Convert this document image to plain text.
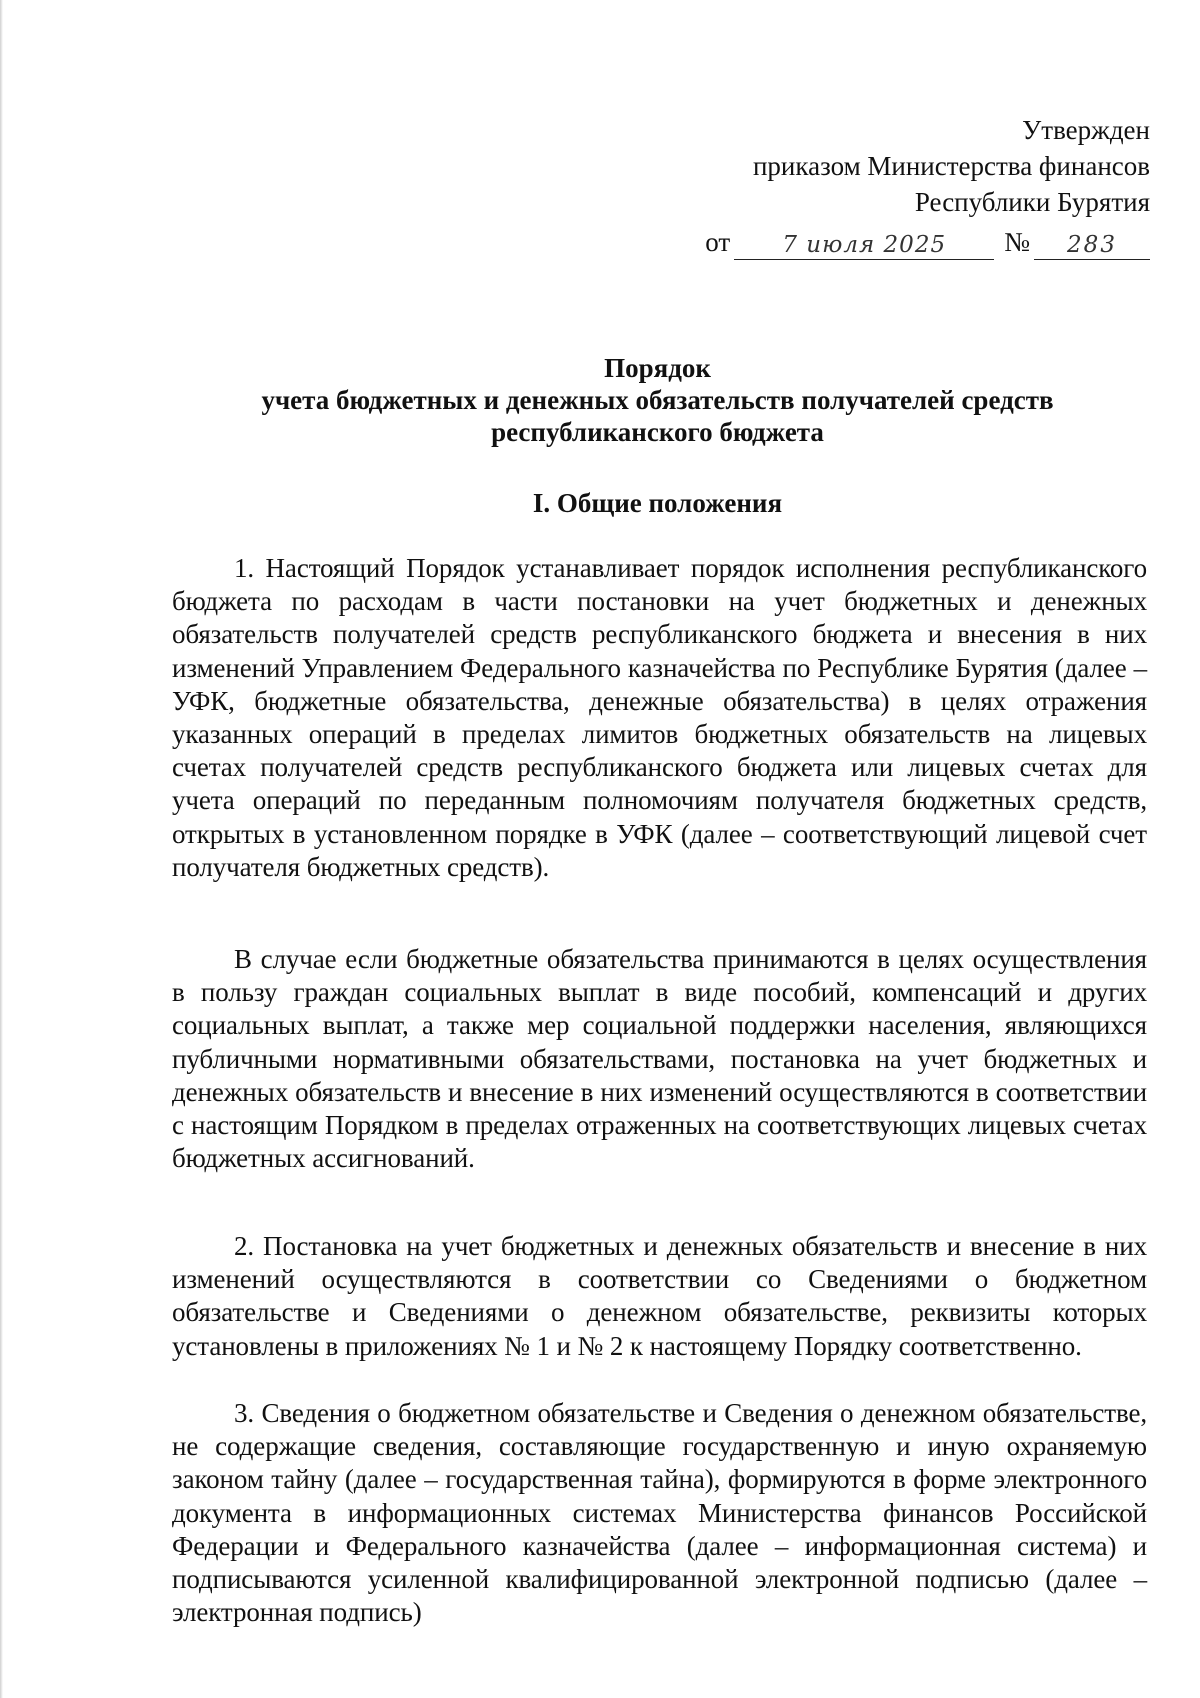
Утвержден
приказом Министерства финансов
Республики Бурятия
от	7 июля 2025	№	283
Порядок
учета бюджетных и денежных обязательств получателей средств
республиканского бюджета
I. Общие положения

1. Настоящий Порядок устанавливает порядок исполнения республиканского бюджета по расходам в части постановки на учет бюджетных и денежных обязательств получателей средств республиканского бюджета и внесения в них изменений Управлением Федерального казначейства по Республике Бурятия (далее – УФК, бюджетные обязательства, денежные обязательства) в целях отражения указанных операций в пределах лимитов бюджетных обязательств на лицевых счетах получателей средств республиканского бюджета или лицевых счетах для учета операций по переданным полномочиям получателя бюджетных средств, открытых в установленном порядке в УФК (далее – соответствующий лицевой счет получателя бюджетных средств).

В случае если бюджетные обязательства принимаются в целях осуществления в пользу граждан социальных выплат в виде пособий, компенсаций и других социальных выплат, а также мер социальной поддержки населения, являющихся публичными нормативными обязательствами, постановка на учет бюджетных и денежных обязательств и внесение в них изменений осуществляются в соответствии с настоящим Порядком в пределах отраженных на соответствующих лицевых счетах бюджетных ассигнований.

2. Постановка на учет бюджетных и денежных обязательств и внесение в них изменений осуществляются в соответствии со Сведениями о бюджетном обязательстве и Сведениями о денежном обязательстве, реквизиты которых установлены в приложениях № 1 и № 2 к настоящему Порядку соответственно.

3. Сведения о бюджетном обязательстве и Сведения о денежном обязательстве, не содержащие сведения, составляющие государственную и иную охраняемую законом тайну (далее – государственная тайна), формируются в форме электронного документа в информационных системах Министерства финансов Российской Федерации и Федерального казначейства (далее – информационная система) и подписываются усиленной квалифицированной электронной подписью (далее – электронная подпись)
